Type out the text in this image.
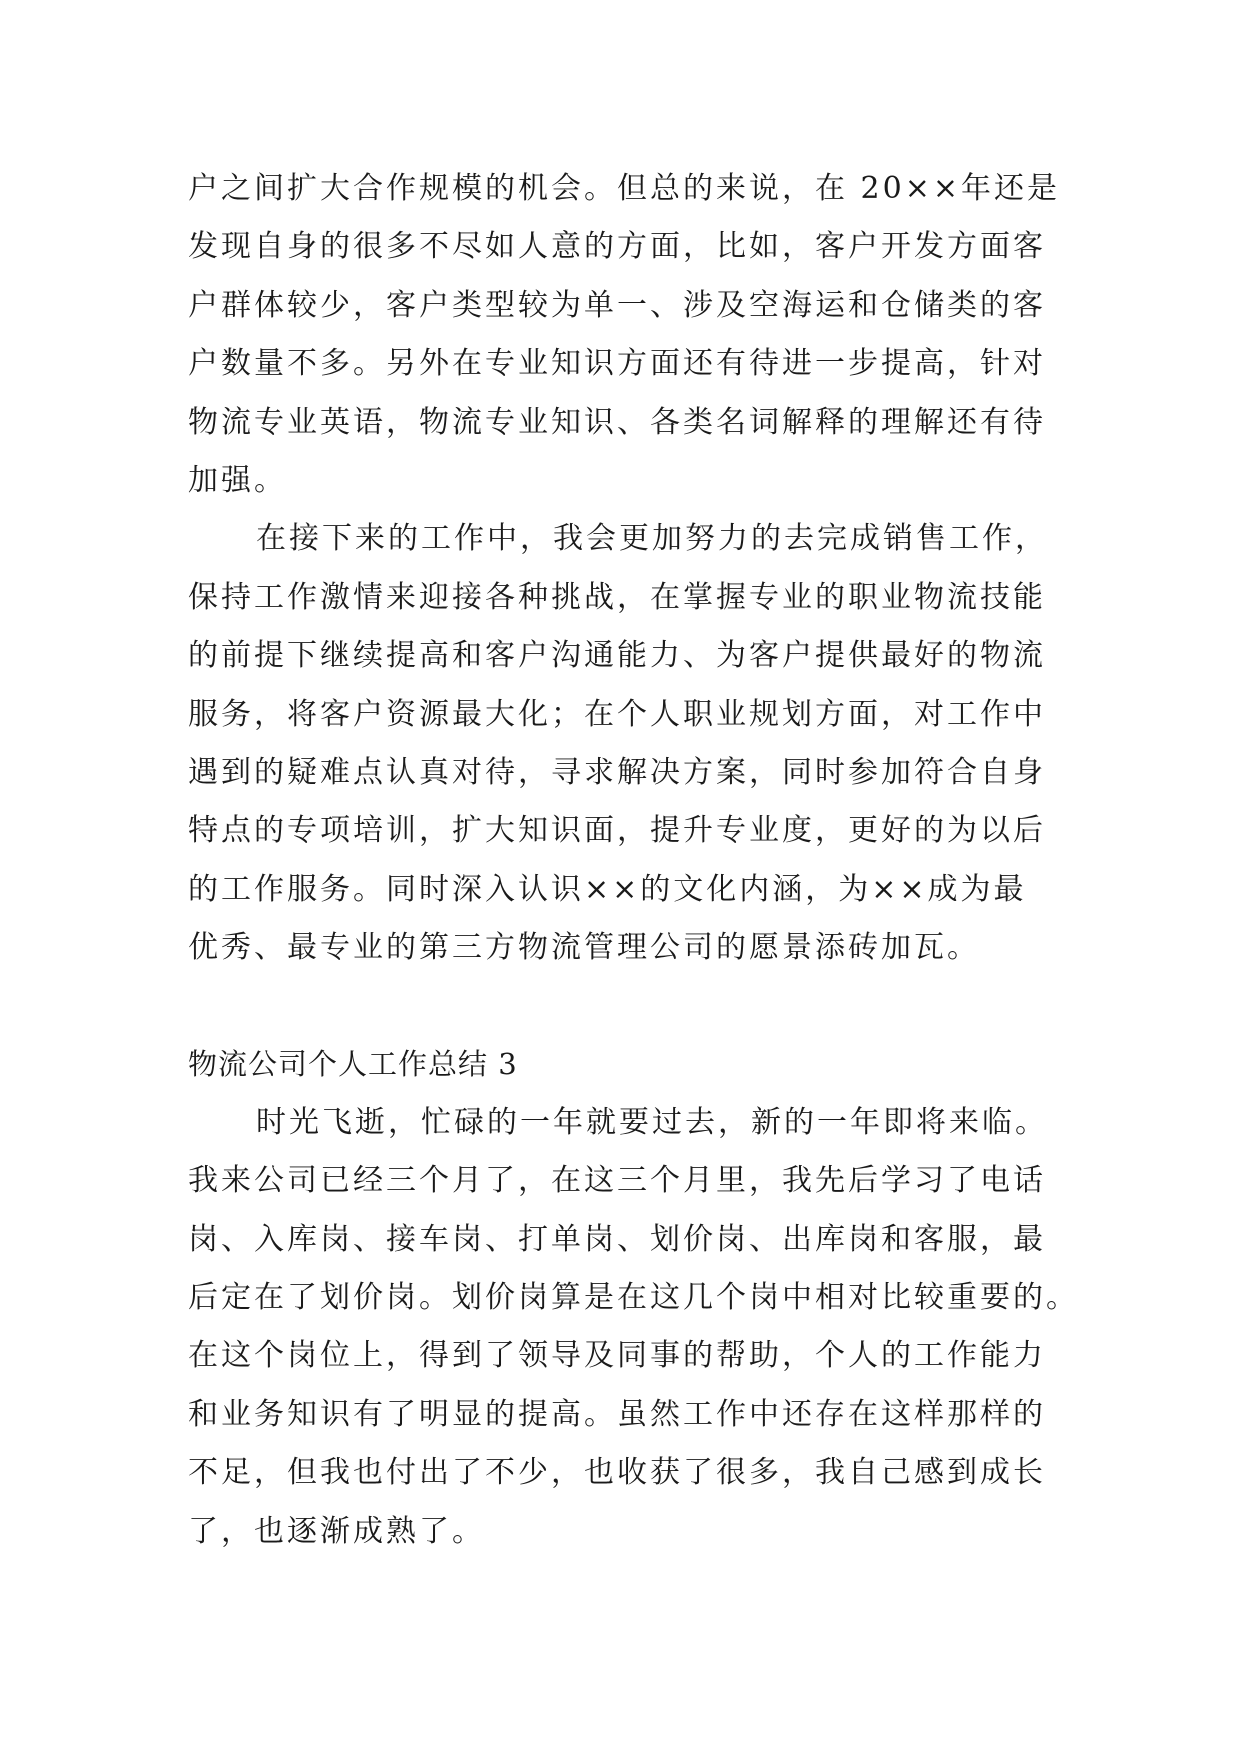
户之间扩大合作规模的机会。但总的来说，在 20××年还是
发现自身的很多不尽如人意的方面，比如，客户开发方面客
户群体较少，客户类型较为单一、涉及空海运和仓储类的客
户数量不多。另外在专业知识方面还有待进一步提高，针对
物流专业英语，物流专业知识、各类名词解释的理解还有待
加强。
在接下来的工作中，我会更加努力的去完成销售工作，
保持工作激情来迎接各种挑战，在掌握专业的职业物流技能
的前提下继续提高和客户沟通能力、为客户提供最好的物流
服务，将客户资源最大化；在个人职业规划方面，对工作中
遇到的疑难点认真对待，寻求解决方案，同时参加符合自身
特点的专项培训，扩大知识面，提升专业度，更好的为以后
的工作服务。同时深入认识××的文化内涵，为××成为最
优秀、最专业的第三方物流管理公司的愿景添砖加瓦。
物流公司个人工作总结 3
时光飞逝，忙碌的一年就要过去，新的一年即将来临。
我来公司已经三个月了，在这三个月里，我先后学习了电话
岗、入库岗、接车岗、打单岗、划价岗、出库岗和客服，最
后定在了划价岗。划价岗算是在这几个岗中相对比较重要的。
在这个岗位上，得到了领导及同事的帮助，个人的工作能力
和业务知识有了明显的提高。虽然工作中还存在这样那样的
不足，但我也付出了不少，也收获了很多，我自己感到成长
了，也逐渐成熟了。
